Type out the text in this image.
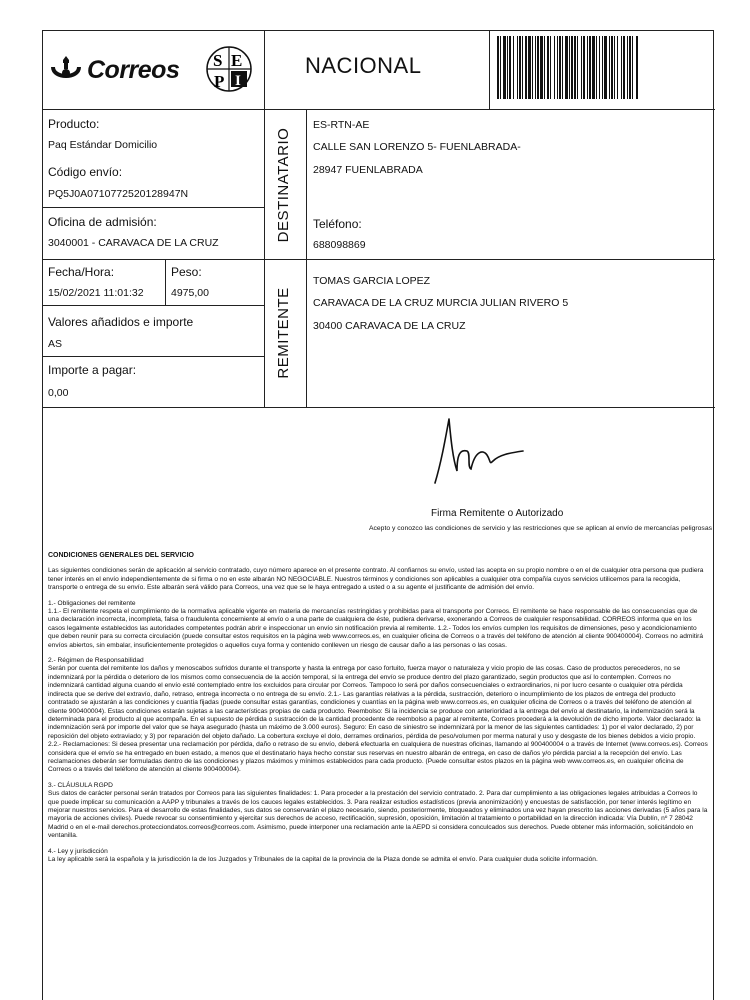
Correos S E
P I
NACIONAL
Producto:
Paq Estándar Domicilio
Código envío:
PQ5J0A0710772520128947N
Oficina de admisión:
3040001 - CARAVACA DE LA CRUZ
Fecha/Hora:
15/02/2021 11:01:32
Peso:
4975,00
Valores añadidos e importe
AS
Importe a pagar:
0,00
DESTINATARIO
REMITENTE
ES-RTN-AE
CALLE SAN LORENZO 5- FUENLABRADA-
28947 FUENLABRADA
Teléfono:
688098869
TOMAS GARCIA LOPEZ
CARAVACA DE LA CRUZ MURCIA JULIAN RIVERO 5
30400 CARAVACA DE LA CRUZ
Firma Remitente o Autorizado
Acepto y conozco las condiciones de servicio y las restricciones que se aplican al envío de mercancías peligrosas

CONDICIONES GENERALES DEL SERVICIO

Las siguientes condiciones serán de aplicación al servicio contratado, cuyo número aparece en el presente contrato. Al confiarnos su envío, usted las acepta en su propio nombre o en el de cualquier otra persona que pudiera tener interés en el envío independientemente de si firma o no en este albarán NO NEGOCIABLE. Nuestros términos y condiciones son aplicables a cualquier otra compañía cuyos servicios utilicemos para la recogida, transporte o entrega de su envío. Este albarán será válido para Correos, una vez que se le haya entregado a usted o a su agente el justificante de admisión del envío.

1.- Obligaciones del remitente

1.1.- El remitente respeta el cumplimiento de la normativa aplicable vigente en materia de mercancías restringidas y prohibidas para el transporte por Correos. El remitente se hace responsable de las consecuencias que de una declaración incorrecta, incompleta, falsa o fraudulenta concerniente al envío o a una parte de cualquiera de éste, pudiera derivarse, exonerando a Correos de cualquier responsabilidad. CORREOS informa que en los casos legalmente establecidos las autoridades competentes podrán abrir e inspeccionar un envío sin notificación previa al remitente. 1.2.- Todos los envíos cumplen los requisitos de dimensiones, peso y acondicionamiento que deben reunir para su correcta circulación (puede consultar estos requisitos en la página web www.correos.es, en cualquier oficina de Correos o a través del teléfono de atención al cliente 900400004). Correos no admitirá envíos abiertos, sin embalar, insuficientemente protegidos o aquellos cuya forma y contenido conlleven un riesgo de causar daño a las personas o las cosas.

2.- Régimen de Responsabilidad

Serán por cuenta del remitente los daños y menoscabos sufridos durante el transporte y hasta la entrega por caso fortuito, fuerza mayor o naturaleza y vicio propio de las cosas. Caso de productos perecederos, no se indemnizará por la pérdida o deterioro de los mismos como consecuencia de la acción temporal, si la entrega del envío se produce dentro del plazo garantizado, según productos que así lo contemplen. Correos no indemnizará cantidad alguna cuando el envío esté contemplado entre los excluidos para circular por Correos. Tampoco lo será por daños consecuenciales o extraordinarios, ni por lucro cesante o cualquier otra pérdida indirecta que se derive del extravío, daño, retraso, entrega incorrecta o no entrega de su envío. 2.1.- Las garantías relativas a la pérdida, sustracción, deterioro o incumplimiento de los plazos de entrega del producto contratado se ajustarán a las condiciones y cuantía fijadas (puede consultar estas garantías, condiciones y cuantías en la página web www.correos.es, en cualquier oficina de Correos o a través del teléfono de atención al cliente 900400004). Estas condiciones estarán sujetas a las características propias de cada producto. Reembolso: Si la incidencia se produce con anterioridad a la entrega del envío al destinatario, la indemnización será la determinada para el producto al que acompaña. En el supuesto de pérdida o sustracción de la cantidad procedente de reembolso a pagar al remitente, Correos procederá a la devolución de dicho importe. Valor declarado: la indemnización será por importe del valor que se haya asegurado (hasta un máximo de 3.000 euros). Seguro: En caso de siniestro se indemnizará por la menor de las siguientes cantidades: 1) por el valor declarado, 2) por reposición del objeto extraviado; y 3) por reparación del objeto dañado. La cobertura excluye el dolo, derrames ordinarios, pérdida de peso/volumen por merma natural y uso y desgaste de los bienes debidos a vicio propio. 2.2.- Reclamaciones: Si desea presentar una reclamación por pérdida, daño o retraso de su envío, deberá efectuarla en cualquiera de nuestras oficinas, llamando al 900400004 o a través de Internet (www.correos.es). Correos considera que el envío se ha entregado en buen estado, a menos que el destinatario haya hecho constar sus reservas en nuestro albarán de entrega, en caso de daños y/o pérdida parcial a la recepción del envío. Las reclamaciones deberán ser formuladas dentro de las condiciones y plazos máximos y mínimos establecidos para cada producto. (Puede consultar estos plazos en la página web www.correos.es, en cualquier oficina de Correos o a través del teléfono de atención al cliente 900400004).

3.- CLÁUSULA RGPD

Sus datos de carácter personal serán tratados por Correos para las siguientes finalidades: 1. Para proceder a la prestación del servicio contratado. 2. Para dar cumplimiento a las obligaciones legales atribuidas a Correos lo que puede implicar su comunicación a AAPP y tribunales a través de los cauces legales establecidos. 3. Para realizar estudios estadísticos (previa anonimización) y encuestas de satisfacción, por tener interés legítimo en mejorar nuestros servicios. Para el desarrollo de estas finalidades, sus datos se conservarán el plazo necesario, siendo, posteriormente, bloqueados y eliminados una vez hayan prescrito las acciones derivadas (5 años para la mayoría de acciones civiles). Puede revocar su consentimiento y ejercitar sus derechos de acceso, rectificación, supresión, oposición, limitación al tratamiento o portabilidad en la dirección indicada: Vía Dublín, nº 7 28042 Madrid o en el e-mail derechos.protecciondatos.correos@correos.com. Asimismo, puede interponer una reclamación ante la AEPD si considera conculcados sus derechos. Puede obtener más información, solicitándolo en ventanilla.

4.- Ley y jurisdicción

La ley aplicable será la española y la jurisdicción la de los Juzgados y Tribunales de la capital de la provincia de la Plaza donde se admita el envío. Para cualquier duda solicite información.
